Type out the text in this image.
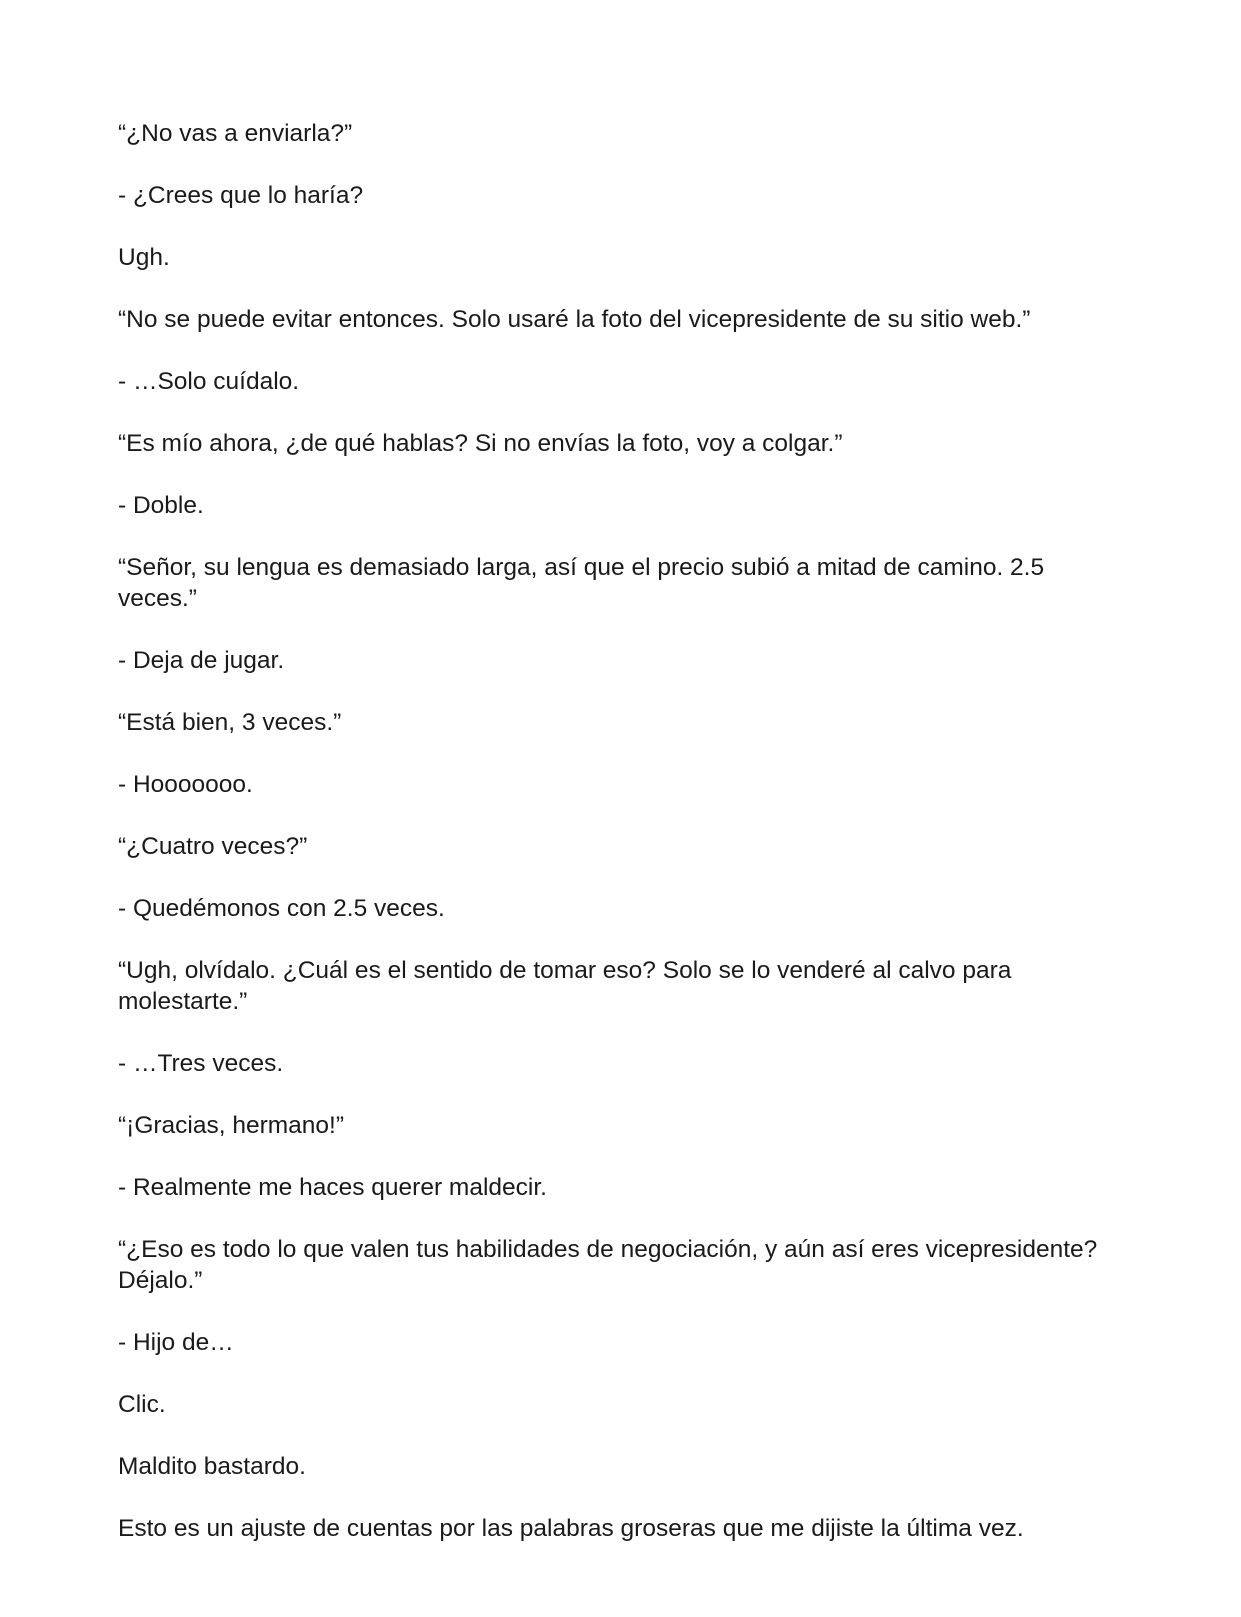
“¿No vas a enviarla?”

- ¿Crees que lo haría?

Ugh.

“No se puede evitar entonces. Solo usaré la foto del vicepresidente de su sitio web.”

- …Solo cuídalo.

“Es mío ahora, ¿de qué hablas? Si no envías la foto, voy a colgar.”

- Doble.

“Señor, su lengua es demasiado larga, así que el precio subió a mitad de camino. 2.5 veces.”

- Deja de jugar.

“Está bien, 3 veces.”

- Hooooooo.

“¿Cuatro veces?”

- Quedémonos con 2.5 veces.

“Ugh, olvídalo. ¿Cuál es el sentido de tomar eso? Solo se lo venderé al calvo para molestarte.”

- …Tres veces.

“¡Gracias, hermano!”

- Realmente me haces querer maldecir.

“¿Eso es todo lo que valen tus habilidades de negociación, y aún así eres vicepresidente? Déjalo.”

- Hijo de…

Clic.

Maldito bastardo.

Esto es un ajuste de cuentas por las palabras groseras que me dijiste la última vez.
